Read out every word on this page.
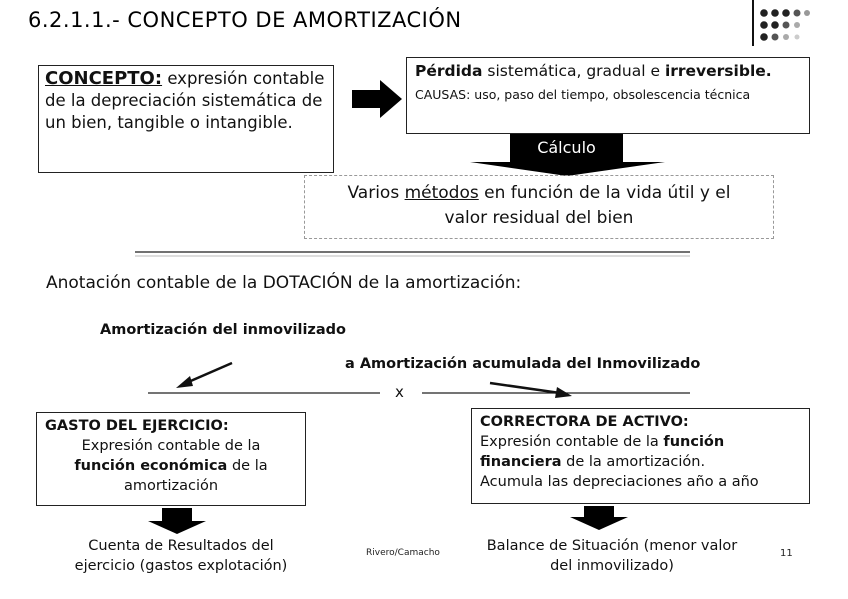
6.2.1.1.- CONCEPTO DE AMORTIZACIÓN
CONCEPTO: expresión contable de la depreciación sistemática de un bien, tangible o intangible.
Pérdida sistemática, gradual e irreversible.
CAUSAS: uso, paso del tiempo, obsolescencia técnica
Cálculo
Varios métodos en función de la vida útil y el
valor residual del bien
Anotación contable de la DOTACIÓN de la amortización:
Amortización del inmovilizado
a Amortización acumulada del Inmovilizado
x
GASTO DEL EJERCICIO:
Expresión contable de la
función económica de la
amortización
CORRECTORA DE ACTIVO:
Expresión contable de la función
financiera de la amortización.
Acumula las depreciaciones año a año
Cuenta de Resultados del
ejercicio (gastos explotación)
Rivero/Camacho	Balance de Situación (menor valor
del inmovilizado)
11
